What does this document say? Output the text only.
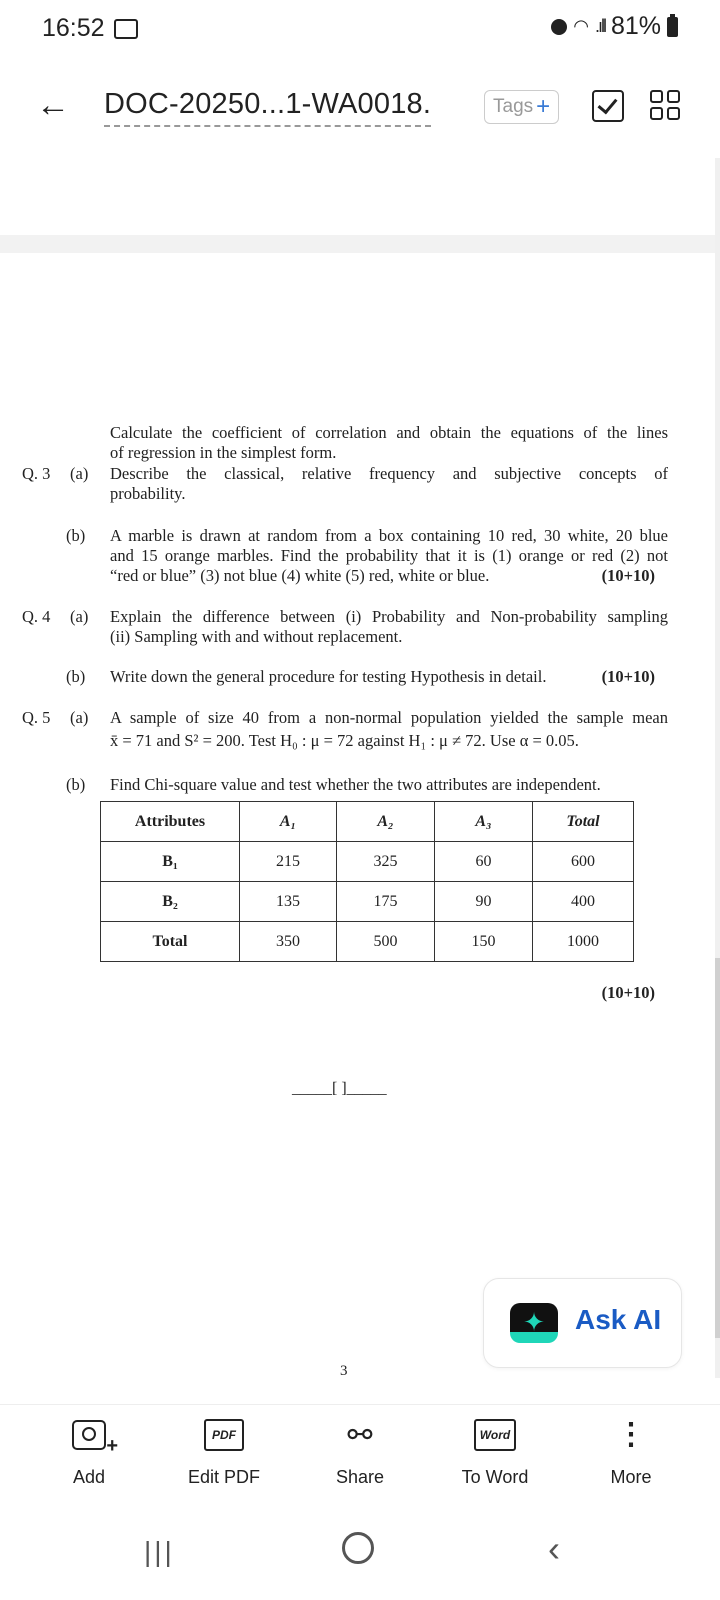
16:52	◠ .ıll 81%
← DOC-20250...1-WA0018.	Tags +
Calculate the coefficient of correlation and obtain the equations of the lines
of regression in the simplest form.
Q. 3 (a) Describe the classical, relative frequency and subjective concepts of
probability.
(b) A marble is drawn at random from a box containing 10 red, 30 white, 20 blue
and 15 orange marbles. Find the probability that it is (1) orange or red (2) not
“red or blue” (3) not blue (4) white (5) red, white or blue.	(10+10)
Q. 4 (a) Explain the difference between (i) Probability and Non-probability sampling
(ii) Sampling with and without replacement.
(b) Write down the general procedure for testing Hypothesis in detail.	(10+10)
Q. 5 (a) A sample of size 40 from a non-normal population yielded the sample mean
x̄ = 71 and S² = 200. Test H₀ : μ = 72 against H₁ : μ ≠ 72. Use α = 0.05.
(b) Find Chi-square value and test whether the two attributes are independent.
Attributes	A₁	A₂	A₃	Total
B₁	215	325	60	600
B₂	135	175	90	400
Total	350	500	150	1000
(10+10)
_____[ ]_____
3
✦	Ask AI
+
Add
PDF
Edit PDF
⚯
Share
Word
To Word
⋮
More
|||	‹
